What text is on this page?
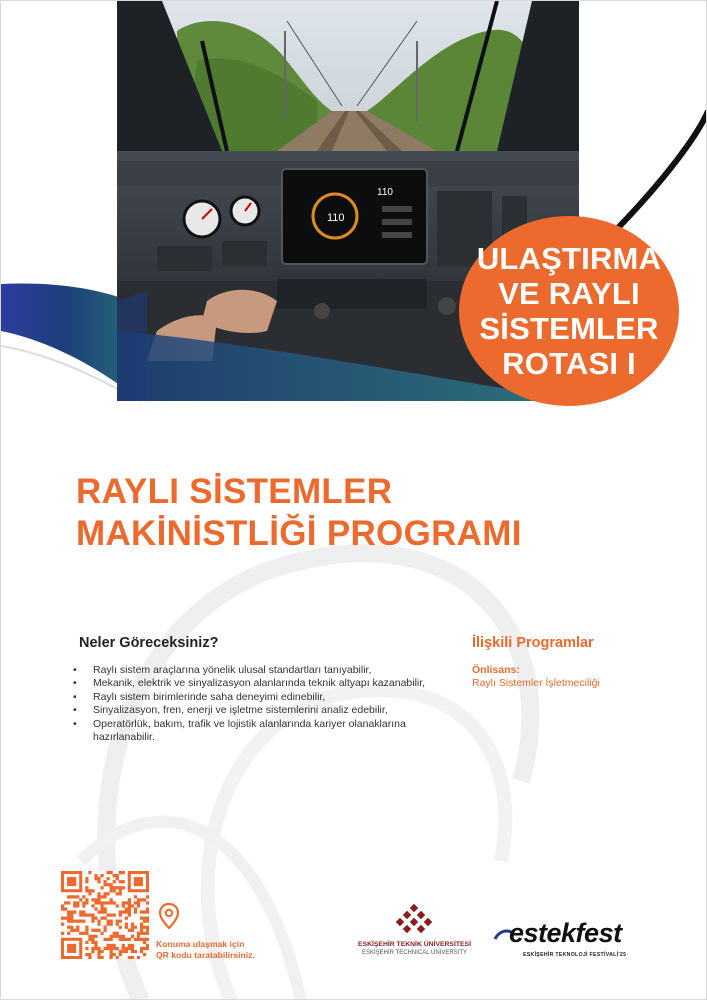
110
110
ULAŞTIRMA
VE RAYLI
SİSTEMLER
ROTASI I
RAYLI SİSTEMLER
MAKİNİSTLİĞİ PROGRAMI
Neler Göreceksiniz?
• Raylı sistem araçlarına yönelik ulusal standartları tanıyabilir,
• Mekanik, elektrik ve sinyalizasyon alanlarında teknik altyapı kazanabilir,
• Raylı sistem birimlerinde saha deneyimi edinebilir,
• Sinyalizasyon, fren, enerji ve işletme sistemlerini analiz edebilir,
• Operatörlük, bakım, trafik ve lojistik alanlarında kariyer olanaklarına
hazırlanabilir.
İlişkili Programlar
Önlisans:
Raylı Sistemler İşletmeciliği
Konuma ulaşmak için
QR kodu taratabilirsiniz.
ESKİŞEHİR TEKNİK ÜNİVERSİTESİ
ESKİŞEHİR TECHNICAL UNIVERSITY
estekfest
ESKİŞEHİR TEKNOLOJİ FESTİVALİ'25
